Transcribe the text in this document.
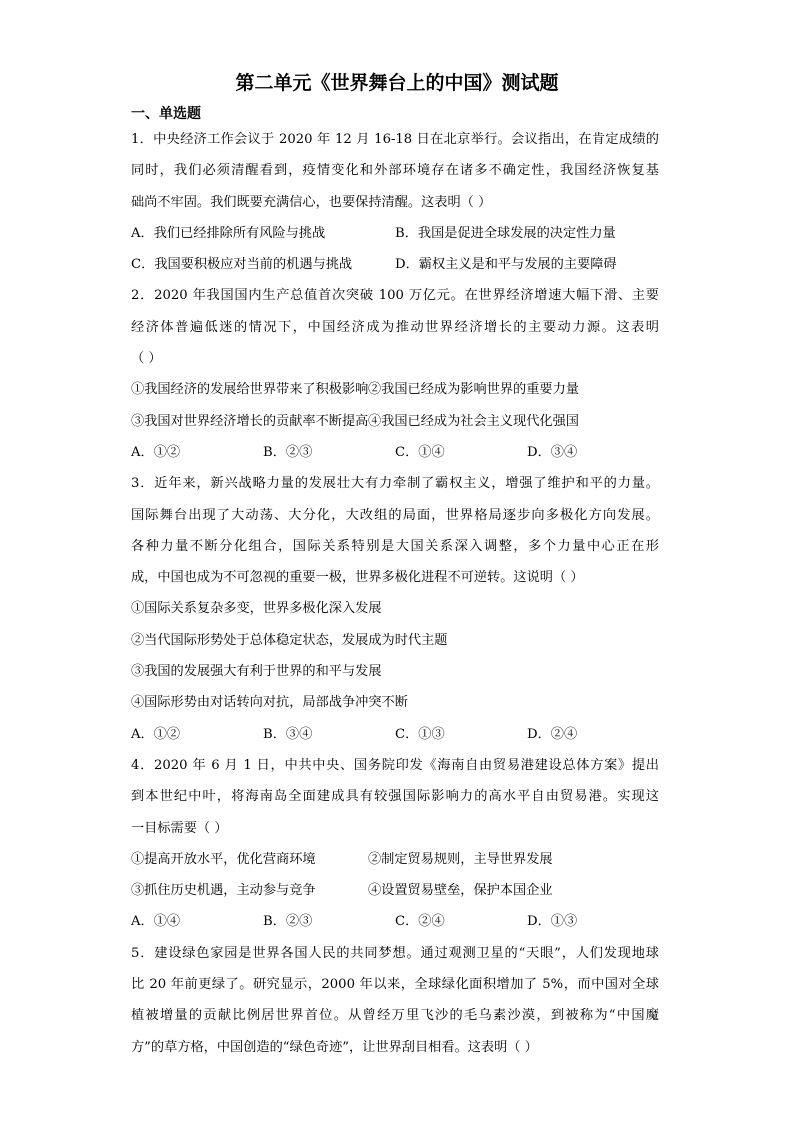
第二单元《世界舞台上的中国》测试题
一、单选题
1．中央经济工作会议于 2020 年 12 月 16-18 日在北京举行。会议指出，在肯定成绩的
同时，我们必须清醒看到，疫情变化和外部环境存在诸多不确定性，我国经济恢复基
础尚不牢固。我们既要充满信心，也要保持清醒。这表明（ ）
A．我们已经排除所有风险与挑战	B．我国是促进全球发展的决定性力量
C．我国要积极应对当前的机遇与挑战	D．霸权主义是和平与发展的主要障碍
2．2020 年我国国内生产总值首次突破 100 万亿元。在世界经济增速大幅下滑、主要
经济体普遍低迷的情况下，中国经济成为推动世界经济增长的主要动力源。这表明
（ ）
①我国经济的发展给世界带来了积极影响 ②我国已经成为影响世界的重要力量
③我国对世界经济增长的贡献率不断提高 ④我国已经成为社会主义现代化强国
A．①②	B．②③	C．①④	D．③④
3．近年来，新兴战略力量的发展壮大有力牵制了霸权主义，增强了维护和平的力量。
国际舞台出现了大动荡、大分化，大改组的局面，世界格局逐步向多极化方向发展。
各种力量不断分化组合，国际关系特别是大国关系深入调整，多个力量中心正在形
成，中国也成为不可忽视的重要一极，世界多极化进程不可逆转。这说明（ ）
①国际关系复杂多变，世界多极化深入发展
②当代国际形势处于总体稳定状态，发展成为时代主题
③我国的发展强大有利于世界的和平与发展
④国际形势由对话转向对抗，局部战争冲突不断
A．①②	B．③④	C．①③	D．②④
4．2020 年 6 月 1 日，中共中央、国务院印发《海南自由贸易港建设总体方案》提出
到本世纪中叶，将海南岛全面建成具有较强国际影响力的高水平自由贸易港。实现这
一目标需要（ ）
①提高开放水平，优化营商环境	②制定贸易规则，主导世界发展
③抓住历史机遇，主动参与竞争	④设置贸易壁垒，保护本国企业
A．①④	B．②③	C．②④	D．①③
5．建设绿色家园是世界各国人民的共同梦想。通过观测卫星的“天眼”，人们发现地球
比 20 年前更绿了。研究显示，2000 年以来，全球绿化面积增加了 5%，而中国对全球
植被增量的贡献比例居世界首位。从曾经万里飞沙的毛乌素沙漠，到被称为“中国魔
方”的草方格，中国创造的“绿色奇迹”，让世界刮目相看。这表明（ ）
